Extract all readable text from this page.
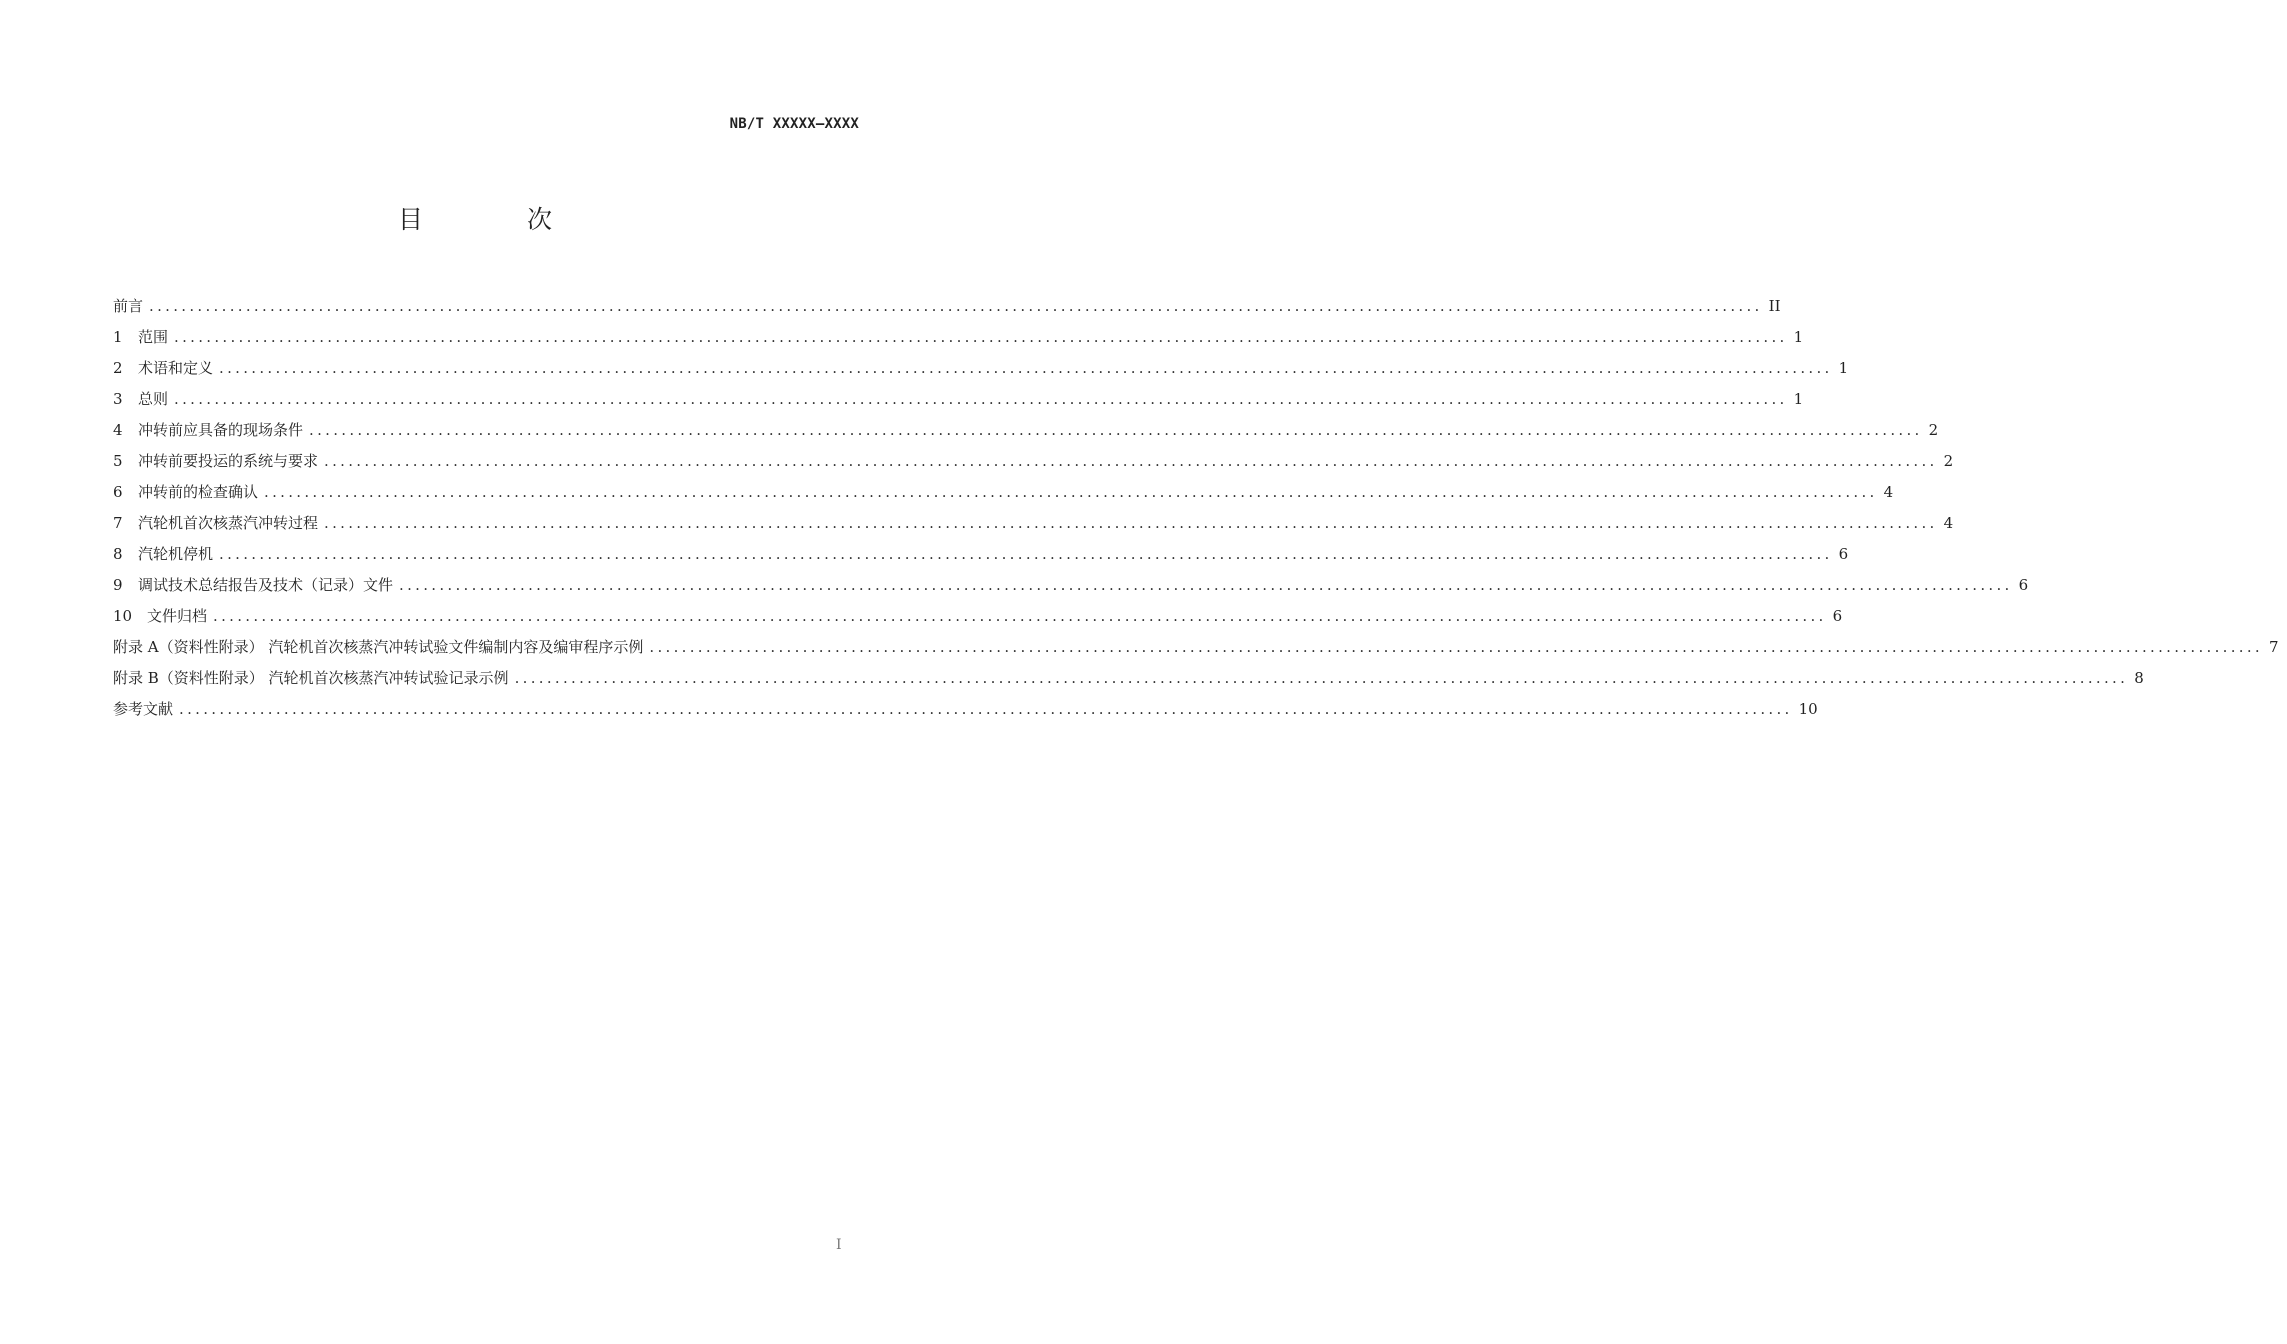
NB/T XXXXX—XXXX
目 次
前言 ........................................................................................................................................................................................................ II
1	范围 ........................................................................................................................................................................................................ 1
2	术语和定义 ........................................................................................................................................................................................................ 1
3	总则 ........................................................................................................................................................................................................ 1
4	冲转前应具备的现场条件 ........................................................................................................................................................................................................ 2
5	冲转前要投运的系统与要求 ........................................................................................................................................................................................................ 2
6	冲转前的检查确认 ........................................................................................................................................................................................................ 4
7	汽轮机首次核蒸汽冲转过程 ........................................................................................................................................................................................................ 4
8	汽轮机停机 ........................................................................................................................................................................................................ 6
9	调试技术总结报告及技术（记录）文件 ........................................................................................................................................................................................................ 6
10 文件归档 ........................................................................................................................................................................................................ 6
附录 A（资料性附录） 汽轮机首次核蒸汽冲转试验文件编制内容及编审程序示例 ........................................................................................................................................................................................................ 7
附录 B（资料性附录） 汽轮机首次核蒸汽冲转试验记录示例 ........................................................................................................................................................................................................ 8
参考文献 ........................................................................................................................................................................................................ 10
I
